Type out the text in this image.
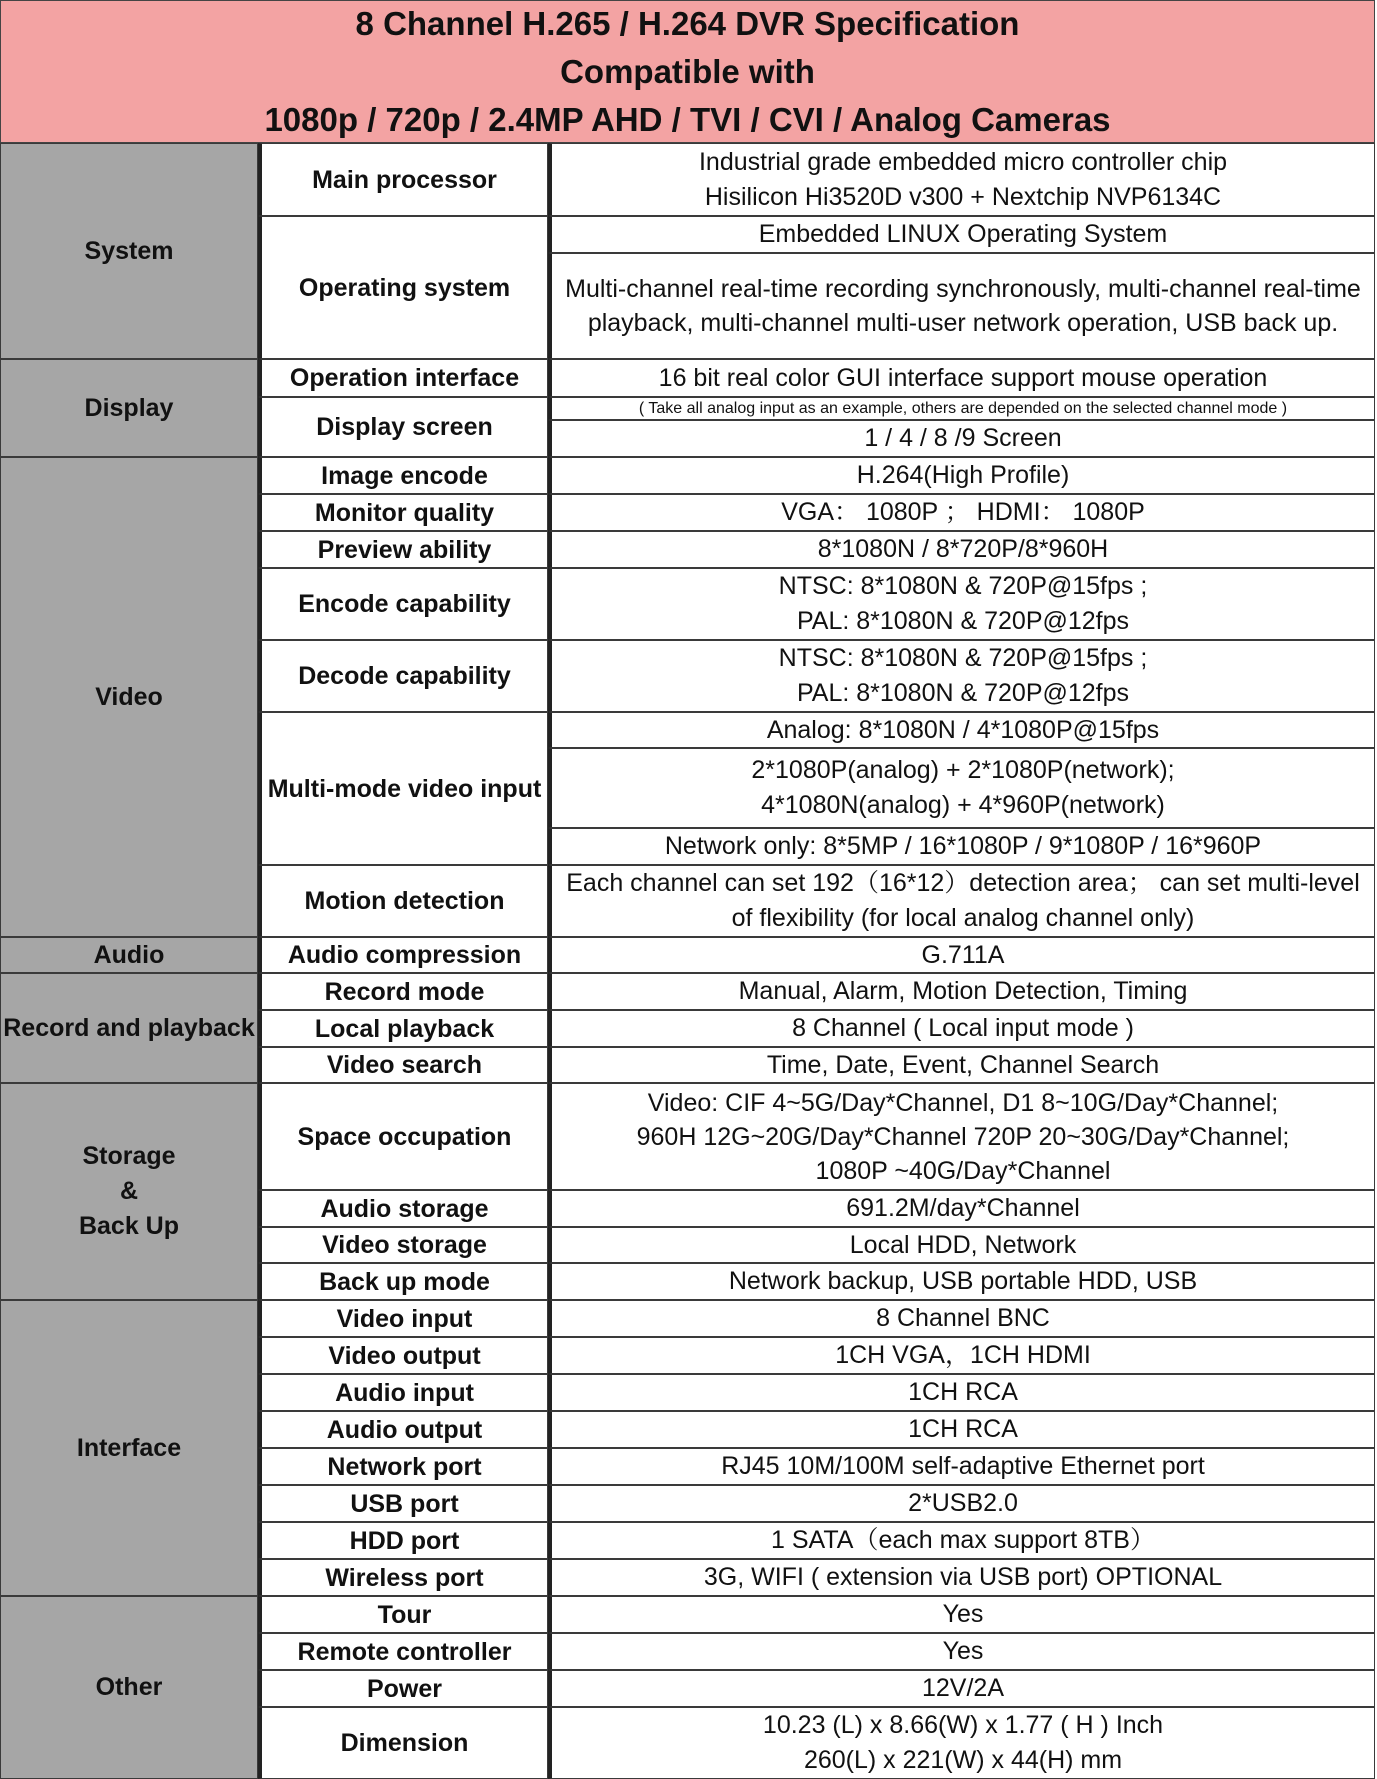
8 Channel H.265 / H.264 DVR Specification
Compatible with
1080p / 720p / 2.4MP AHD / TVI / CVI / Analog Cameras
System
Display
Video
Audio
Record and playback
Storage
&
Back Up
Interface
Other
Main processor
Operating system
Operation interface
Display screen
Image encode
Monitor quality
Preview ability
Encode capability
Decode capability
Multi-mode video input
Motion detection
Audio compression
Record mode
Local playback
Video search
Space occupation
Audio storage
Video storage
Back up mode
Video input
Video output
Audio input
Audio output
Network port
USB port
HDD port
Wireless port
Tour
Remote controller
Power
Dimension
Industrial grade embedded micro controller chip
Hisilicon Hi3520D v300 + Nextchip NVP6134C
Embedded LINUX Operating System
Multi-channel real-time recording synchronously, multi-channel real-time playback, multi-channel multi-user network operation, USB back up.
16 bit real color GUI interface support mouse operation
( Take all analog input as an example, others are depended on the selected channel mode )
1 / 4 / 8 /9 Screen
H.264(High Profile)
VGA： 1080P ； HDMI： 1080P
8*1080N / 8*720P/8*960H
NTSC: 8*1080N & 720P@15fps ;
PAL: 8*1080N & 720P@12fps
NTSC: 8*1080N & 720P@15fps ;
PAL: 8*1080N & 720P@12fps
Analog: 8*1080N / 4*1080P@15fps
2*1080P(analog) + 2*1080P(network);
4*1080N(analog) + 4*960P(network)
Network only: 8*5MP / 16*1080P / 9*1080P / 16*960P
Each channel can set 192（16*12）detection area； can set multi-level of flexibility (for local analog channel only)
G.711A
Manual, Alarm, Motion Detection, Timing
8 Channel ( Local input mode )
Time, Date, Event, Channel Search
Video: CIF 4~5G/Day*Channel, D1 8~10G/Day*Channel;
960H 12G~20G/Day*Channel 720P 20~30G/Day*Channel;
1080P ~40G/Day*Channel
691.2M/day*Channel
Local HDD, Network
Network backup, USB portable HDD, USB
8 Channel BNC
1CH VGA，1CH HDMI
1CH RCA
1CH RCA
RJ45 10M/100M self-adaptive Ethernet port
2*USB2.0
1 SATA（each max support 8TB）
3G, WIFI ( extension via USB port) OPTIONAL
Yes
Yes
12V/2A
10.23 (L) x 8.66(W) x 1.77 ( H ) Inch
260(L) x 221(W) x 44(H) mm
